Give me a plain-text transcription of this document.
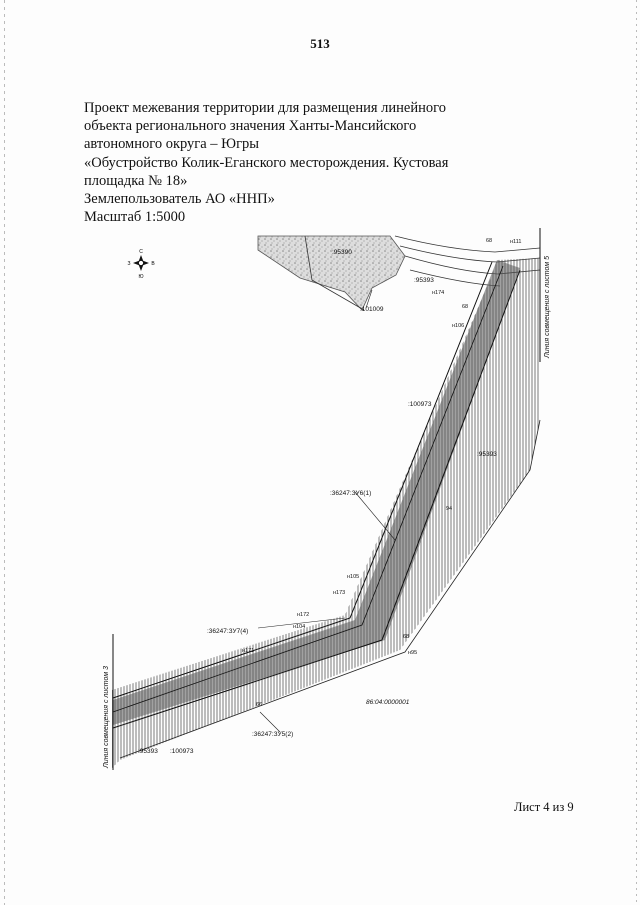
513
Проект межевания территории для размещения линейного
объекта регионального значения Ханты-Мансийского
автономного округа – Югры
«Обустройство Колик-Еганского месторождения. Кустовая
площадка № 18»
Землепользователь АО «ННП»
Масштаб 1:5000
С
В
Ю
З
:95390
:95393
:101009
:100973
:95393
:36247:ЗУ6(1)
:36247:ЗУ7(4)
:36247:ЗУ5(2)
:95393 :100973
86:04:0000001
н111
68
н174
68
н106
н105
н173
н172
н104
н171	н95
66
68
94
Линия совмещения с листом 3
Линия совмещения с листом 5
Лист 4 из 9
